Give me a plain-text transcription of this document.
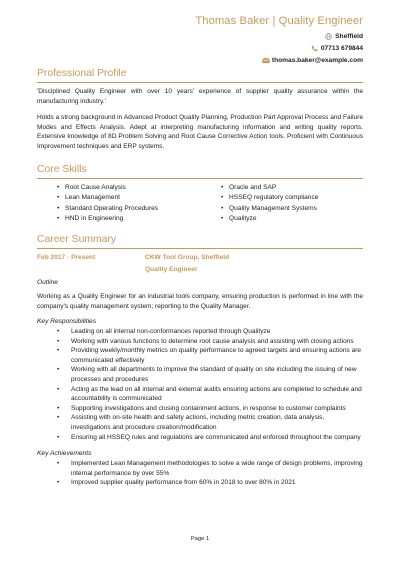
Thomas Baker | Quality Engineer
Sheffield
07713 679844
thomas.baker@example.com
Professional Profile
'Disciplined Quality Engineer with over 10 years' experience of supplier quality assurance within the manufacturing industry.'
Holds a strong background in Advanced Product Quality Planning, Production Part Approval Process and Failure Modes and Effects Analysis. Adept at interpreting manufacturing information and writing quality reports. Extensive knowledge of 8D Problem Solving and Root Cause Corrective Action tools. Proficient with Continuous Improvement techniques and ERP systems.
Core Skills
• Root Cause Analysis
• Lean Management
• Standard Operating Procedures
• HND in Engineering
• Oracle and SAP
• HSSEQ regulatory compliance
• Quality Management Systems
• Qualityze
Career Summary
Feb 2017 - Present	CKW Tool Group, Sheffield
Quality Engineer
Outline
Working as a Quality Engineer for an industrial tools company, ensuring production is performed in line with the company's quality management system; reporting to the Quality Manager.
Key Responsibilities
• Leading on all internal non-conformances reported through Qualityze
• Working with various functions to determine root cause analysis and assisting with closing actions
• Providing weekly/monthly metrics on quality performance to agreed targets and ensuring actions are communicated effectively
• Working with all departments to improve the standard of quality on site including the issuing of new processes and procedures
• Acting as the lead on all internal and external audits ensuring actions are completed to schedule and accountability is communicated
• Supporting investigations and closing containment actions, in response to customer complaints
• Assisting with on-site health and safety actions, including metric creation, data analysis, investigations and procedure creation/modification
• Ensuring all HSSEQ rules and regulations are communicated and enforced throughout the company
Key Achievements
• Implemented Lean Management methodologies to solve a wide range of design problems, improving internal performance by over 55%
• Improved supplier quality performance from 60% in 2018 to over 80% in 2021
Page 1
